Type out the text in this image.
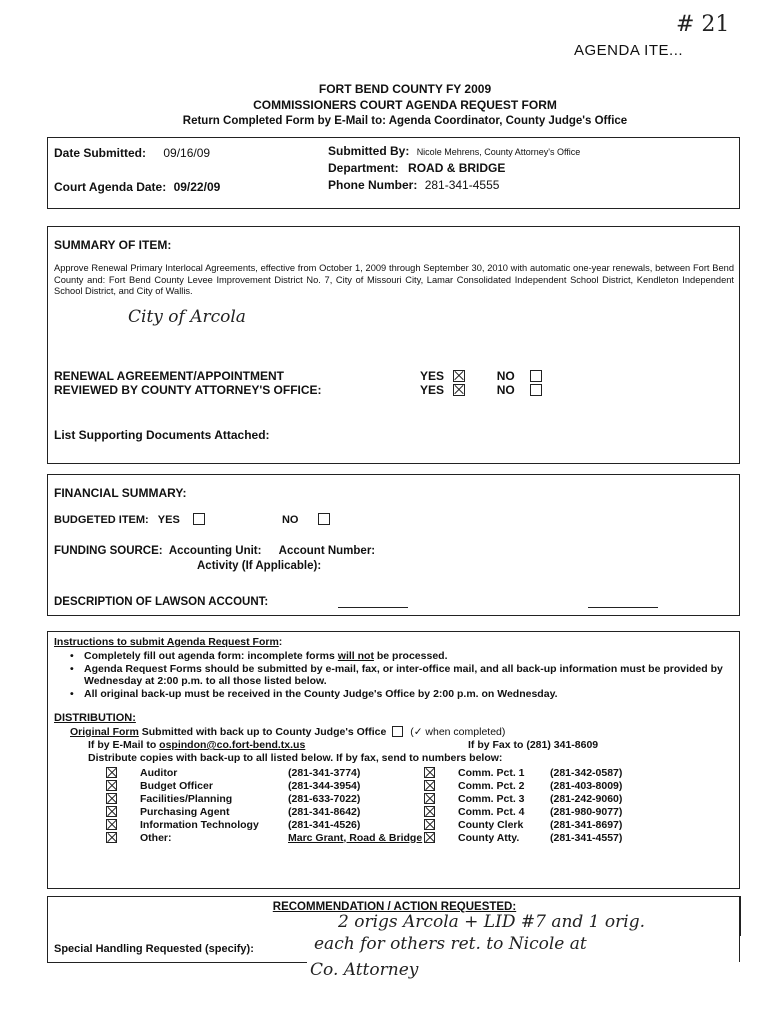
# 21
AGENDA ITE...
FORT BEND COUNTY FY 2009
COMMISSIONERS COURT AGENDA REQUEST FORM
Return Completed Form by E-Mail to: Agenda Coordinator, County Judge's Office
Date Submitted: 09/16/09
Court Agenda Date: 09/22/09
Submitted By: Nicole Mehrens, County Attorney's Office
Department: ROAD & BRIDGE
Phone Number: 281-341-4555
SUMMARY OF ITEM:
Approve Renewal Primary Interlocal Agreements, effective from October 1, 2009 through September 30, 2010 with automatic one-year renewals, between Fort Bend County and: Fort Bend County Levee Improvement District No. 7, City of Missouri City, Lamar Consolidated Independent School District, Kendleton Independent School District, and City of Wallis.
City of Arcola
RENEWAL AGREEMENT/APPOINTMENT
REVIEWED BY COUNTY ATTORNEY'S OFFICE:
YES	NO
YES	NO
List Supporting Documents Attached:
FINANCIAL SUMMARY:
BUDGETED ITEM: YES	NO
FUNDING SOURCE: Accounting Unit: Account Number:
Activity (If Applicable):
DESCRIPTION OF LAWSON ACCOUNT:
Instructions to submit Agenda Request Form:
• Completely fill out agenda form: incomplete forms will not be processed.
• Agenda Request Forms should be submitted by e-mail, fax, or inter-office mail, and all back-up information must be provided by Wednesday at 2:00 p.m. to all those listed below.
• All original back-up must be received in the County Judge's Office by 2:00 p.m. on Wednesday.
DISTRIBUTION:
Original Form Submitted with back up to County Judge's Office (✓ when completed)
If by E-Mail to ospindon@co.fort-bend.tx.us	If by Fax to (281) 341-8609
Distribute copies with back-up to all listed below. If by fax, send to numbers below:
	Auditor	(281-341-3774)
	Budget Officer	(281-344-3954)
	Facilities/Planning	(281-633-7022)
	Purchasing Agent	(281-341-8642)
	Information Technology	(281-341-4526)
	Other:	Marc Grant, Road & Bridge
	Comm. Pct. 1	(281-342-0587)
	Comm. Pct. 2	(281-403-8009)
	Comm. Pct. 3	(281-242-9060)
	Comm. Pct. 4	(281-980-9077)
	County Clerk	(281-341-8697)
	County Atty.	(281-341-4557)
RECOMMENDATION / ACTION REQUESTED:
2 origs Arcola + LID #7 and 1 orig.
Special Handling Requested (specify):	each for others ret. to Nicole at
Co. Attorney
